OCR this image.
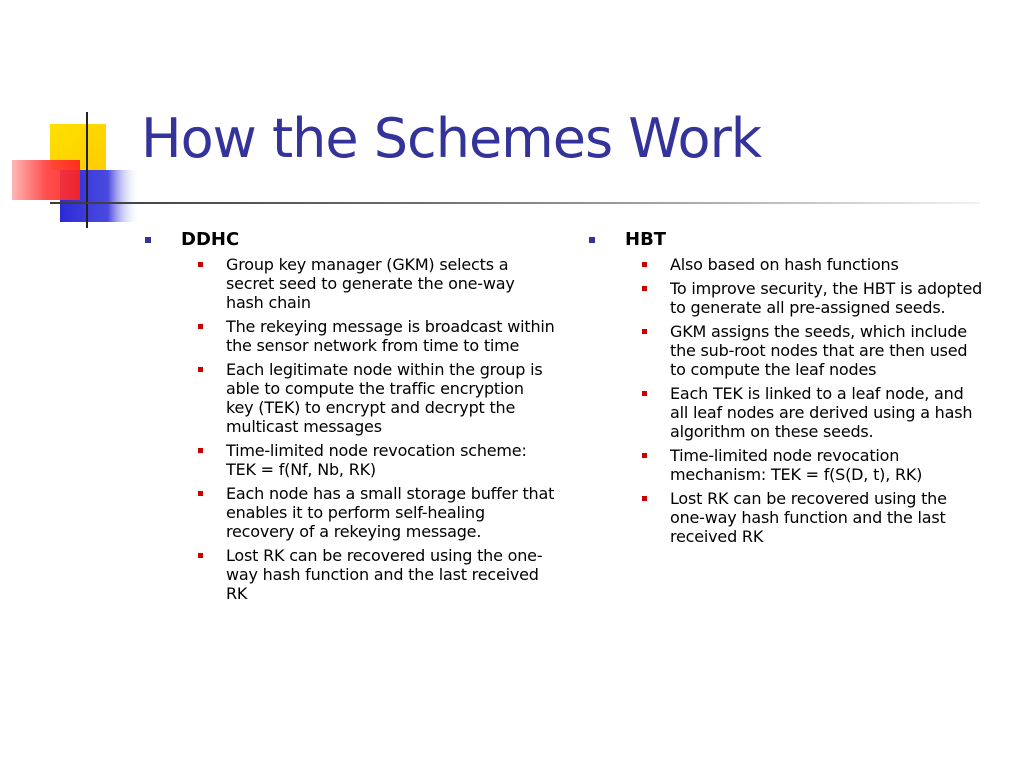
How the Schemes Work
DDHC
Group key manager (GKM) selects a secret seed to generate the one-way hash chain
The rekeying message is broadcast within the sensor network from time to time
Each legitimate node within the group is able to compute the traffic encryption key (TEK) to encrypt and decrypt the multicast messages
Time-limited node revocation scheme: TEK = f(Nf, Nb, RK)
Each node has a small storage buffer that enables it to perform self-healing recovery of a rekeying message.
Lost RK can be recovered using the one-way hash function and the last received RK
HBT
Also based on hash functions
To improve security, the HBT is adopted to generate all pre-assigned seeds.
GKM assigns the seeds, which include the sub-root nodes that are then used to compute the leaf nodes
Each TEK is linked to a leaf node, and all leaf nodes are derived using a hash algorithm on these seeds.
Time-limited node revocation mechanism: TEK = f(S(D, t), RK)
Lost RK can be recovered using the one-way hash function and the last received RK
